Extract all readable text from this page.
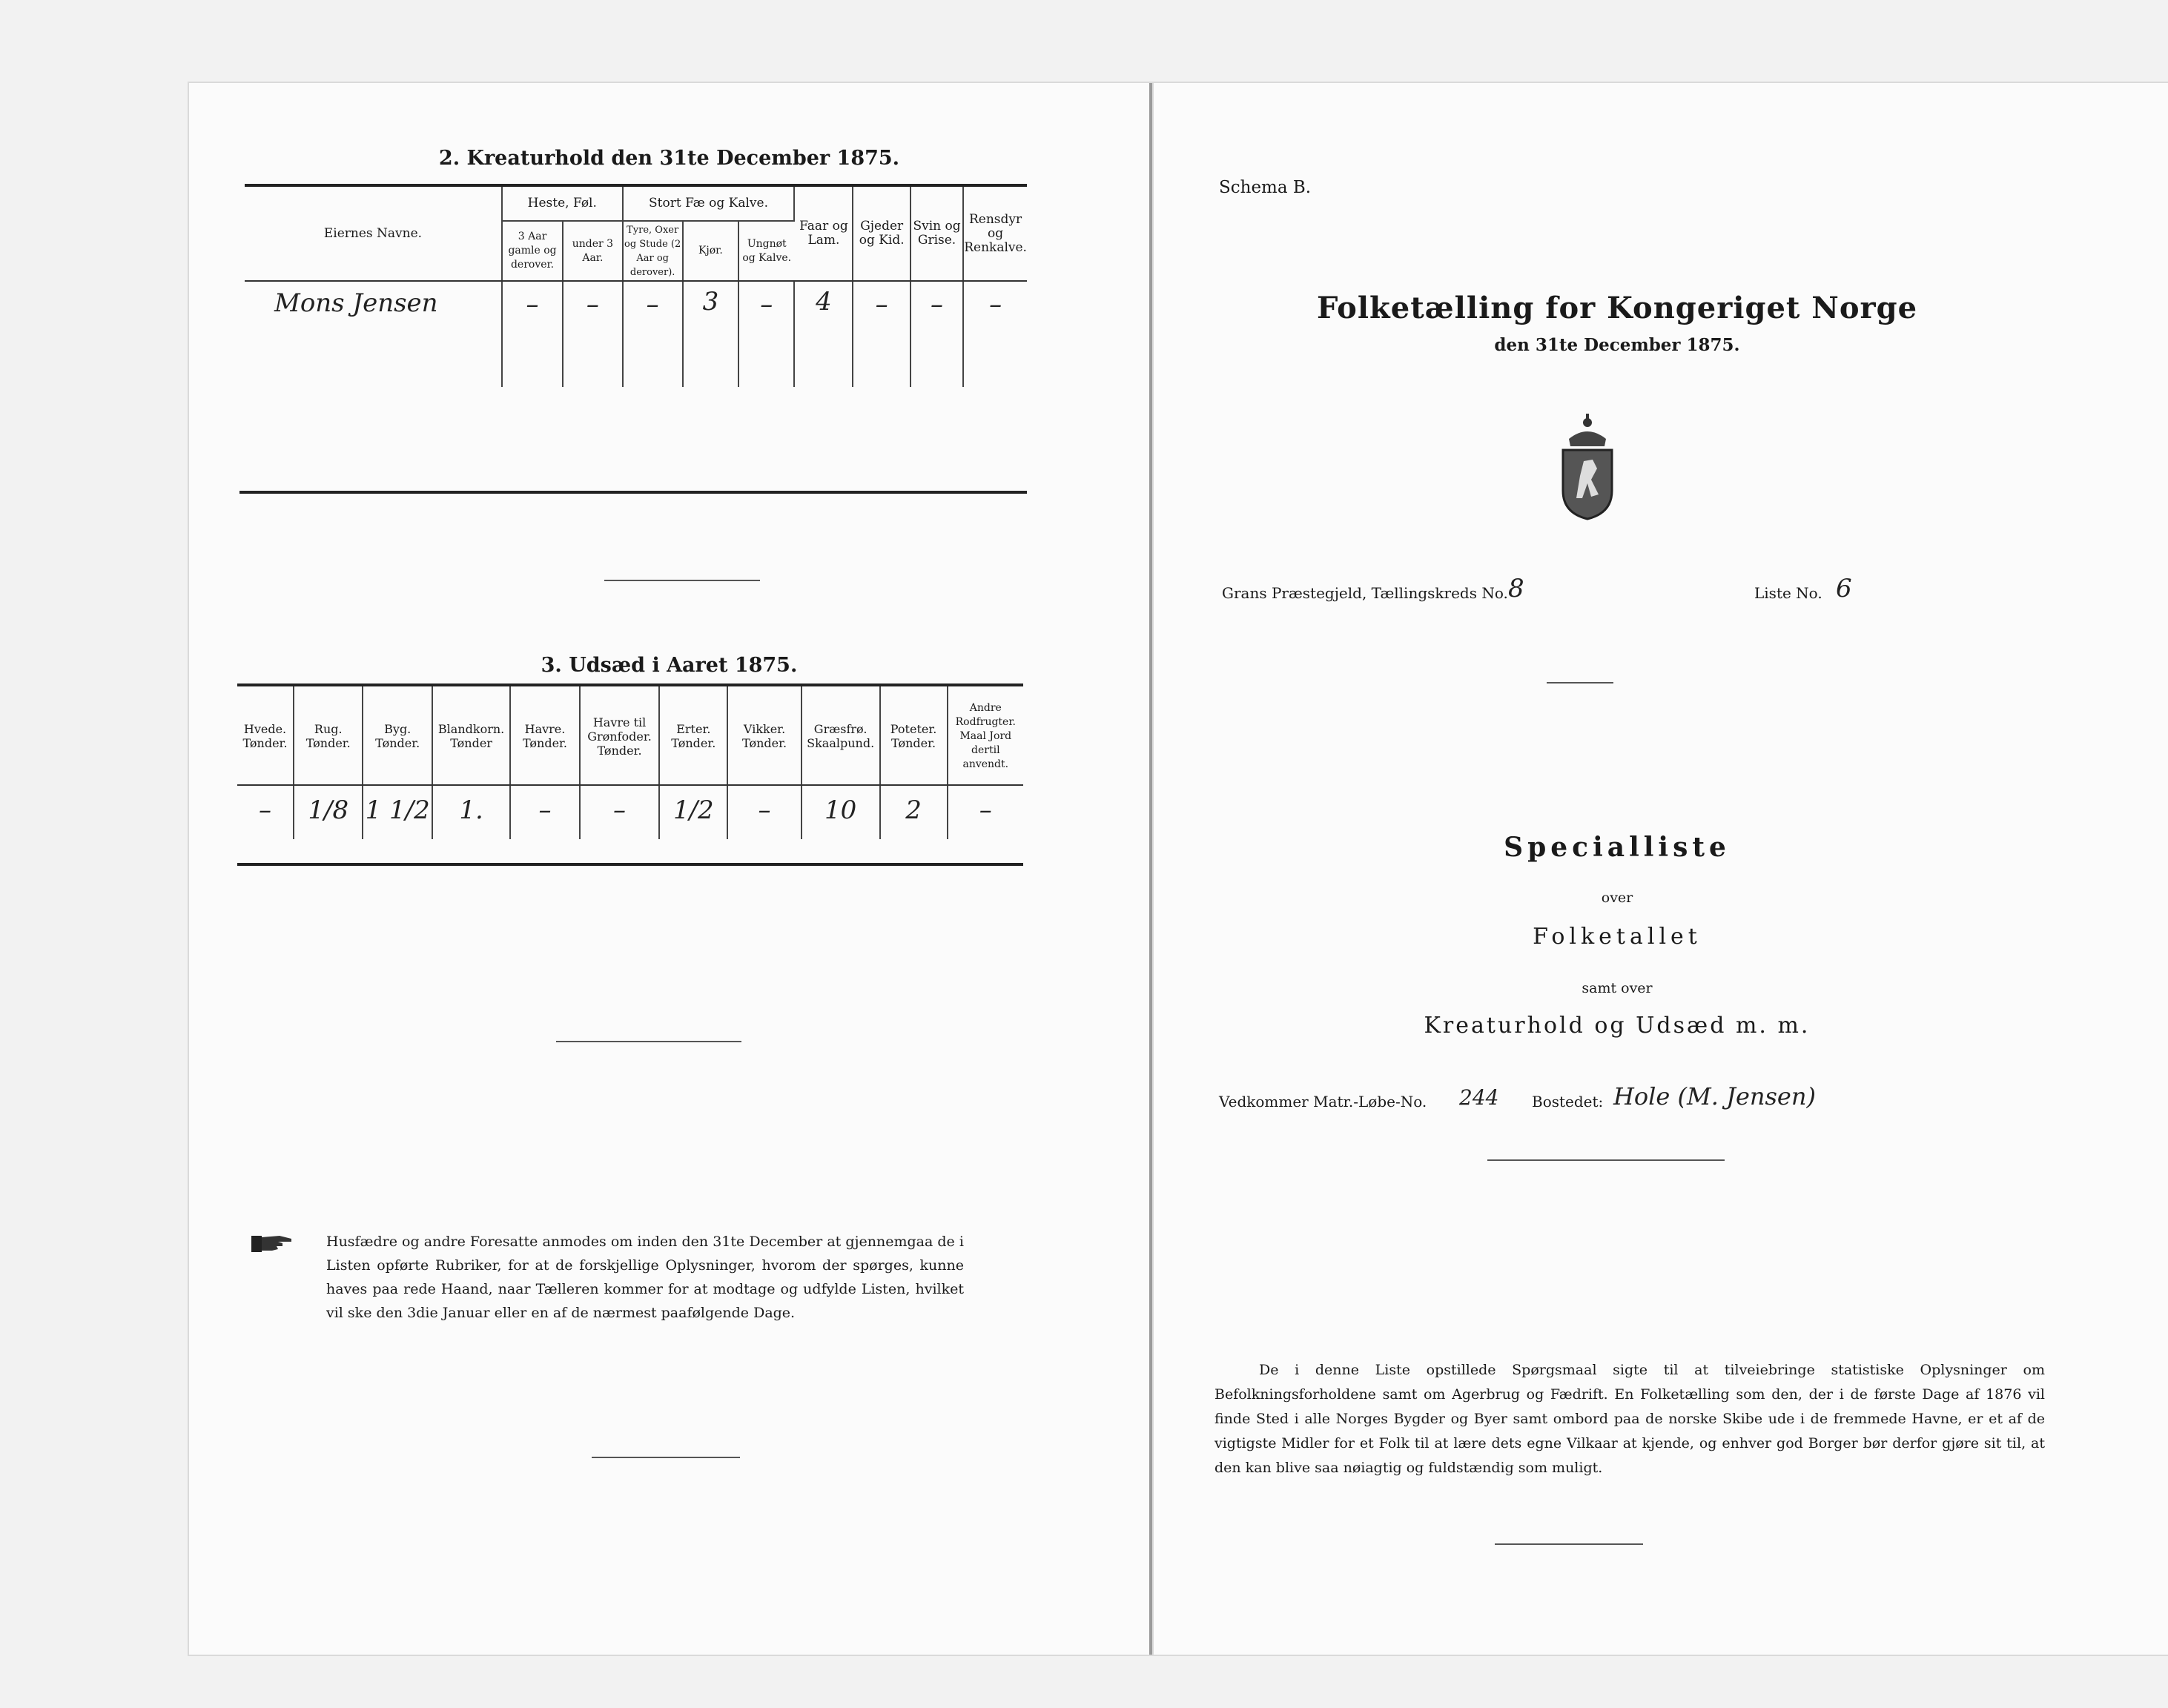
2. Kreaturhold den 31te December 1875.
Eiernes Navne.	Heste, Føl.		Stort Fæ og Kalve.			Faar og Lam.	Gjeder og Kid.	Svin og Grise.	Rensdyr og Renkalve.
	3 Aar gamle og derover.	under 3 Aar.	Tyre, Oxer og Stude (2 Aar og derover).	Kjør.	Ungnøt og Kalve.				
Mons Jensen	–	–	–	3	–	4	–	–	–
3. Udsæd i Aaret 1875.
Hvede. Tønder.	Rug. Tønder.	Byg. Tønder.	Blandkorn. Tønder	Havre. Tønder.	Havre til Grønfoder. Tønder.	Erter. Tønder.	Vikker. Tønder.	Græsfrø. Skaalpund.	Poteter. Tønder.	Andre Rodfrugter. Maal Jord dertil anvendt.
–	1/8	1 1/2	1.	–	–	1/2	–	10	2	–
Husfædre og andre Foresatte anmodes om inden den 31te December at gjennemgaa de i Listen opførte Rubriker, for at de forskjellige Oplysninger, hvorom der spørges, kunne haves paa rede Haand, naar Tælleren kommer for at modtage og udfylde Listen, hvilket vil ske den 3die Januar eller en af de nærmest paafølgende Dage.
Schema B.
Folketælling for Kongeriget Norge
den 31te December 1875.
Grans Præstegjeld, Tællingskreds No. 8	Liste No. 6
Specialliste
over
Folketallet
samt over
Kreaturhold og Udsæd m. m.
Vedkommer Matr.-Løbe-No. 244 Bostedet: Hole (M. Jensen)
De i denne Liste opstillede Spørgsmaal sigte til at tilveiebringe statistiske Oplysninger om Befolkningsforholdene samt om Agerbrug og Fædrift. En Folketælling som den, der i de første Dage af 1876 vil finde Sted i alle Norges Bygder og Byer samt ombord paa de norske Skibe ude i de fremmede Havne, er et af de vigtigste Midler for et Folk til at lære dets egne Vilkaar at kjende, og enhver god Borger bør derfor gjøre sit til, at den kan blive saa nøiagtig og fuldstændig som muligt.
